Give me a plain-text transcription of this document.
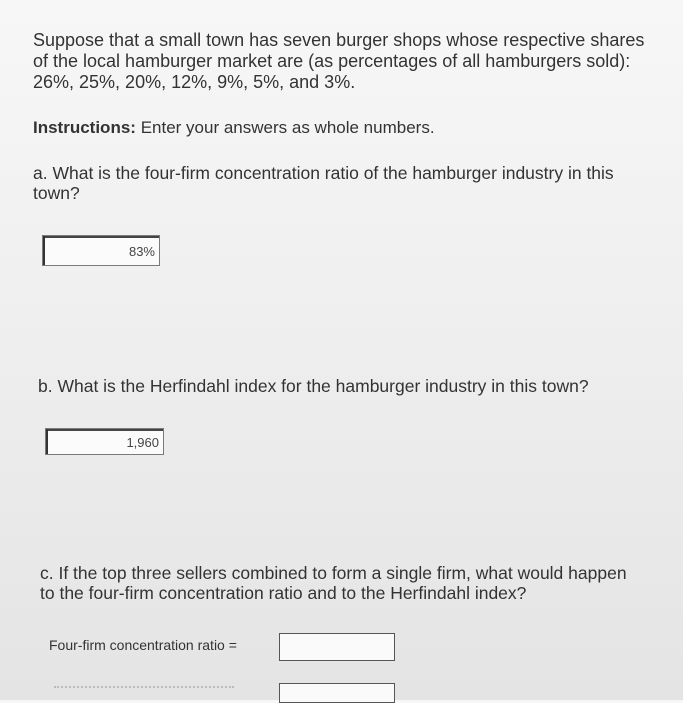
Suppose that a small town has seven burger shops whose respective shares
of the local hamburger market are (as percentages of all hamburgers sold):
26%, 25%, 20%, 12%, 9%, 5%, and 3%.
Instructions: Enter your answers as whole numbers.
a. What is the four-firm concentration ratio of the hamburger industry in this
town?
83%
b. What is the Herfindahl index for the hamburger industry in this town?
1,960
c. If the top three sellers combined to form a single firm, what would happen
to the four-firm concentration ratio and to the Herfindahl index?
Four-firm concentration ratio =
